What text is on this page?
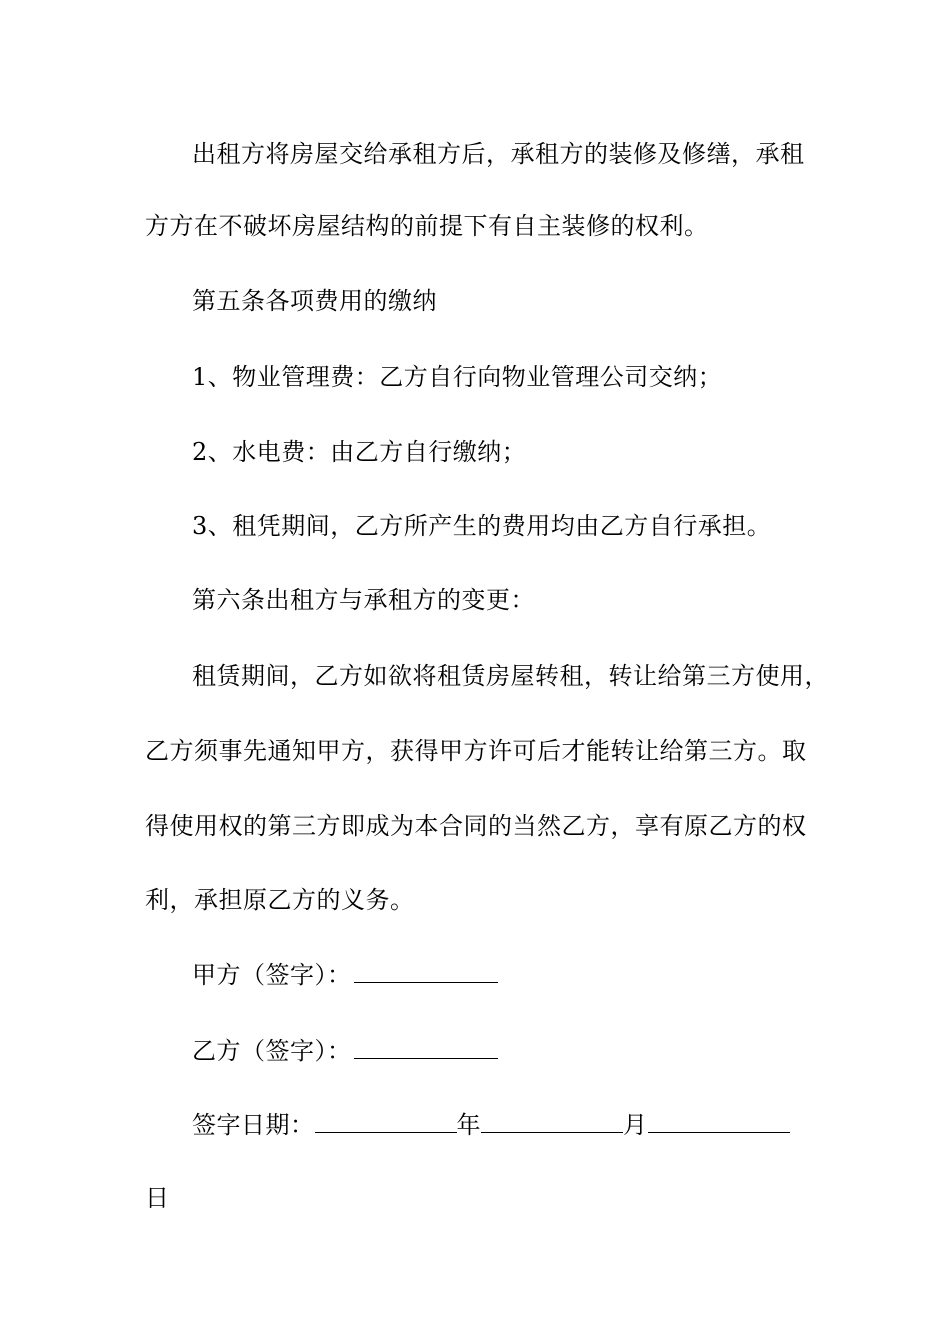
出租方将房屋交给承租方后，承租方的装修及修缮，承租
方方在不破坏房屋结构的前提下有自主装修的权利。
第五条各项费用的缴纳
1、物业管理费：乙方自行向物业管理公司交纳；
2、水电费：由乙方自行缴纳；
3、租凭期间，乙方所产生的费用均由乙方自行承担。
第六条出租方与承租方的变更：
租赁期间，乙方如欲将租赁房屋转租，转让给第三方使用，
乙方须事先通知甲方，获得甲方许可后才能转让给第三方。取
得使用权的第三方即成为本合同的当然乙方，享有原乙方的权
利，承担原乙方的义务。
甲方（签字）：
乙方（签字）：
签字日期：	年	月
日
